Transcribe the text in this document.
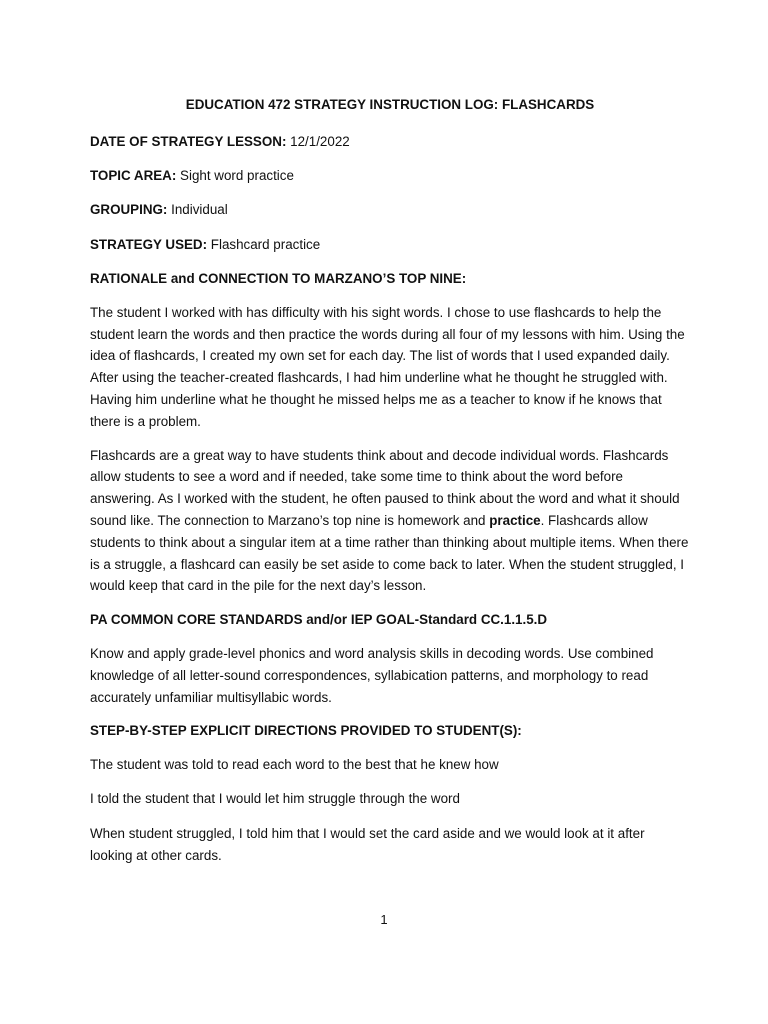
EDUCATION 472 STRATEGY INSTRUCTION LOG: FLASHCARDS
DATE OF STRATEGY LESSON: 12/1/2022
TOPIC AREA: Sight word practice
GROUPING: Individual
STRATEGY USED: Flashcard practice
RATIONALE and CONNECTION TO MARZANO’S TOP NINE:
The student I worked with has difficulty with his sight words. I chose to use flashcards to help the student learn the words and then practice the words during all four of my lessons with him. Using the idea of flashcards, I created my own set for each day. The list of words that I used expanded daily. After using the teacher-created flashcards, I had him underline what he thought he struggled with. Having him underline what he thought he missed helps me as a teacher to know if he knows that there is a problem.
Flashcards are a great way to have students think about and decode individual words. Flashcards allow students to see a word and if needed, take some time to think about the word before answering. As I worked with the student, he often paused to think about the word and what it should sound like. The connection to Marzano’s top nine is homework and practice. Flashcards allow students to think about a singular item at a time rather than thinking about multiple items. When there is a struggle, a flashcard can easily be set aside to come back to later. When the student struggled, I would keep that card in the pile for the next day’s lesson.
PA COMMON CORE STANDARDS and/or IEP GOAL-Standard CC.1.1.5.D
Know and apply grade-level phonics and word analysis skills in decoding words. Use combined knowledge of all letter-sound correspondences, syllabication patterns, and morphology to read accurately unfamiliar multisyllabic words.
STEP-BY-STEP EXPLICIT DIRECTIONS PROVIDED TO STUDENT(S):
The student was told to read each word to the best that he knew how
I told the student that I would let him struggle through the word
When student struggled, I told him that I would set the card aside and we would look at it after looking at other cards.
1
